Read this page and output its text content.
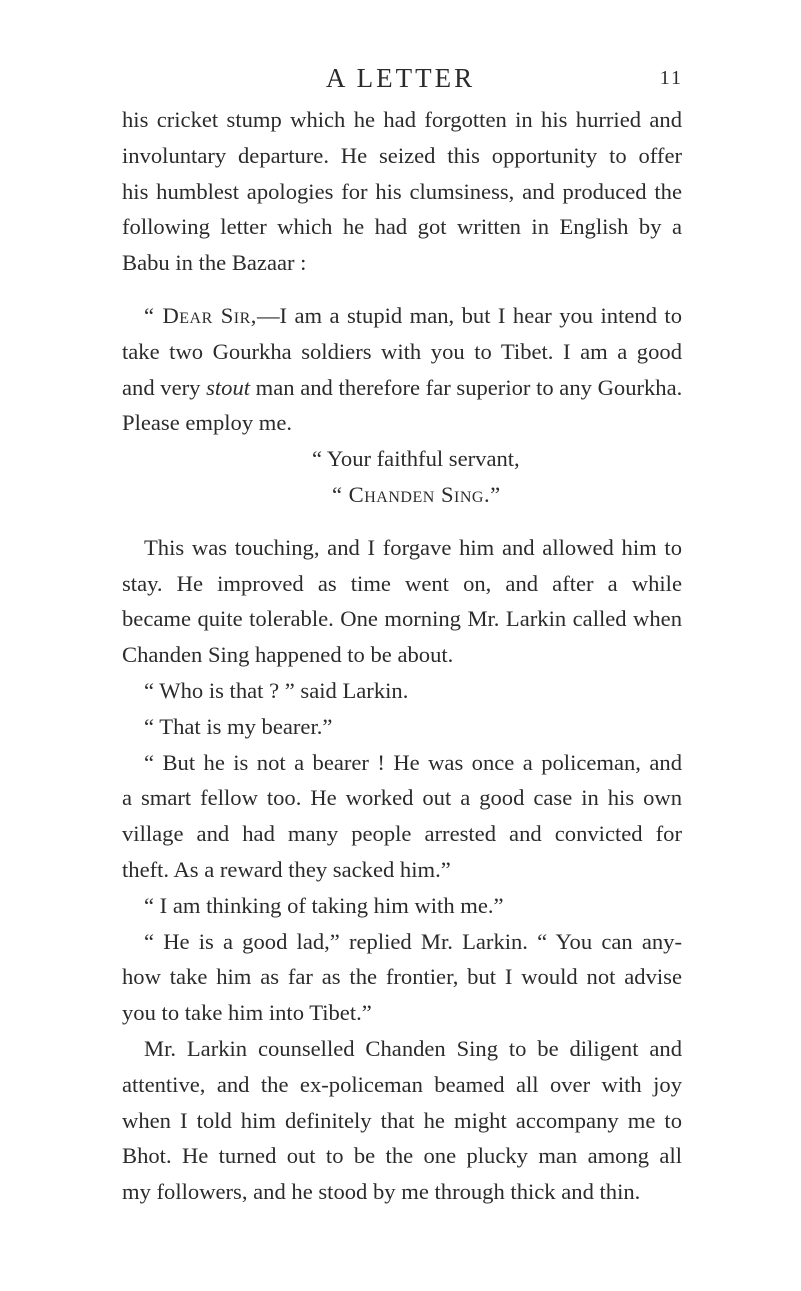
A LETTER	11
his cricket stump which he had forgotten in his hurried and
involuntary departure. He seized this opportunity to offer
his humblest apologies for his clumsiness, and produced the
following letter which he had got written in English by a
Babu in the Bazaar :
“ Dear Sir,—I am a stupid man, but I hear you intend to
take two Gourkha soldiers with you to Tibet. I am a good
and very stout man and therefore far superior to any Gourkha.
Please employ me.
“ Your faithful servant,
“ Chanden Sing.”
This was touching, and I forgave him and allowed him to
stay. He improved as time went on, and after a while
became quite tolerable. One morning Mr. Larkin called when
Chanden Sing happened to be about.
“ Who is that ? ” said Larkin.
“ That is my bearer.”
“ But he is not a bearer ! He was once a policeman, and
a smart fellow too. He worked out a good case in his own
village and had many people arrested and convicted for
theft. As a reward they sacked him.”
“ I am thinking of taking him with me.”
“ He is a good lad,” replied Mr. Larkin. “ You can any-
how take him as far as the frontier, but I would not advise
you to take him into Tibet.”
Mr. Larkin counselled Chanden Sing to be diligent and
attentive, and the ex-policeman beamed all over with joy
when I told him definitely that he might accompany me to
Bhot. He turned out to be the one plucky man among all
my followers, and he stood by me through thick and thin.
